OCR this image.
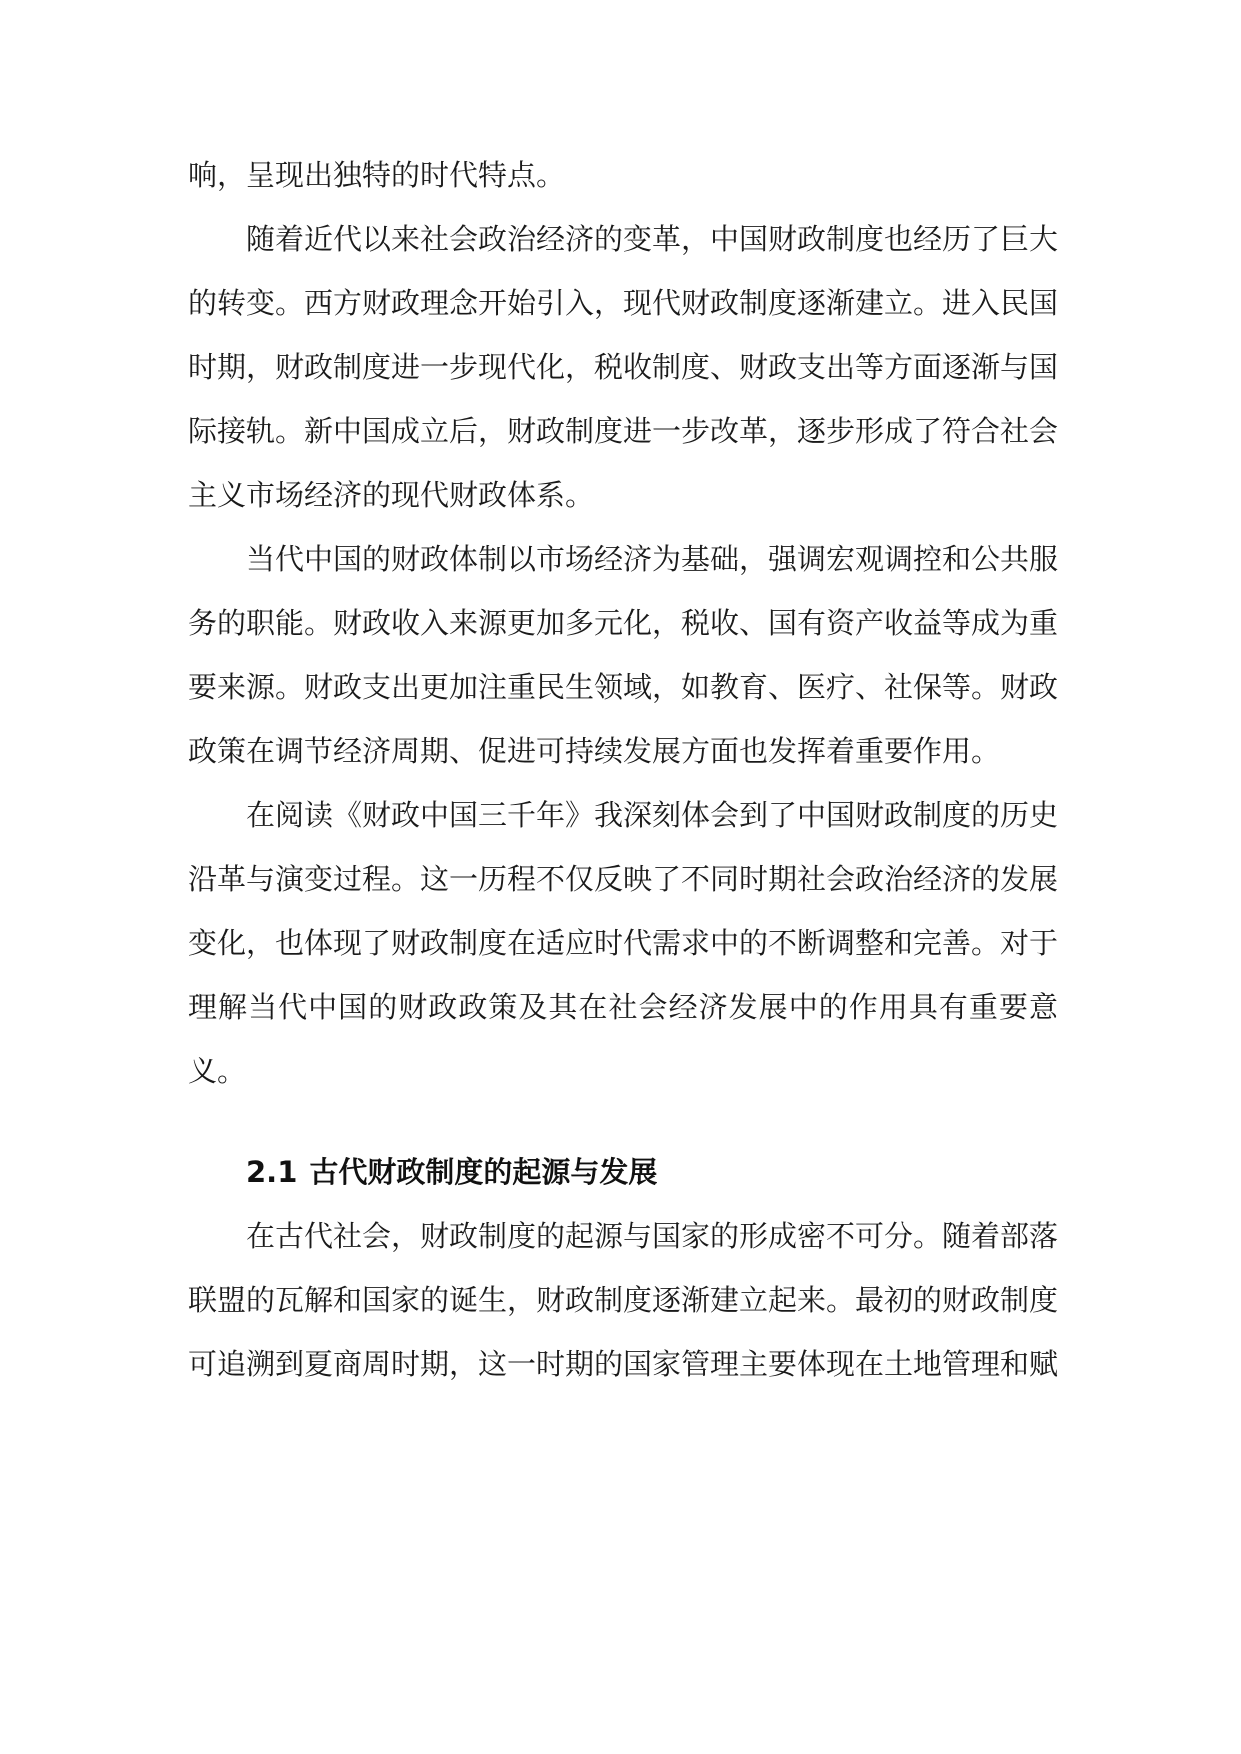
响，呈现出独特的时代特点。

随着近代以来社会政治经济的变革，中国财政制度也经历了巨大的转变。西方财政理念开始引入，现代财政制度逐渐建立。进入民国时期，财政制度进一步现代化，税收制度、财政支出等方面逐渐与国际接轨。新中国成立后，财政制度进一步改革，逐步形成了符合社会主义市场经济的现代财政体系。

当代中国的财政体制以市场经济为基础，强调宏观调控和公共服务的职能。财政收入来源更加多元化，税收、国有资产收益等成为重要来源。财政支出更加注重民生领域，如教育、医疗、社保等。财政政策在调节经济周期、促进可持续发展方面也发挥着重要作用。

在阅读《财政中国三千年》我深刻体会到了中国财政制度的历史沿革与演变过程。这一历程不仅反映了不同时期社会政治经济的发展变化，也体现了财政制度在适应时代需求中的不断调整和完善。对于理解当代中国的财政政策及其在社会经济发展中的作用具有重要意义。

2.1 古代财政制度的起源与发展

在古代社会，财政制度的起源与国家的形成密不可分。随着部落联盟的瓦解和国家的诞生，财政制度逐渐建立起来。最初的财政制度可追溯到夏商周时期，这一时期的国家管理主要体现在土地管理和赋
